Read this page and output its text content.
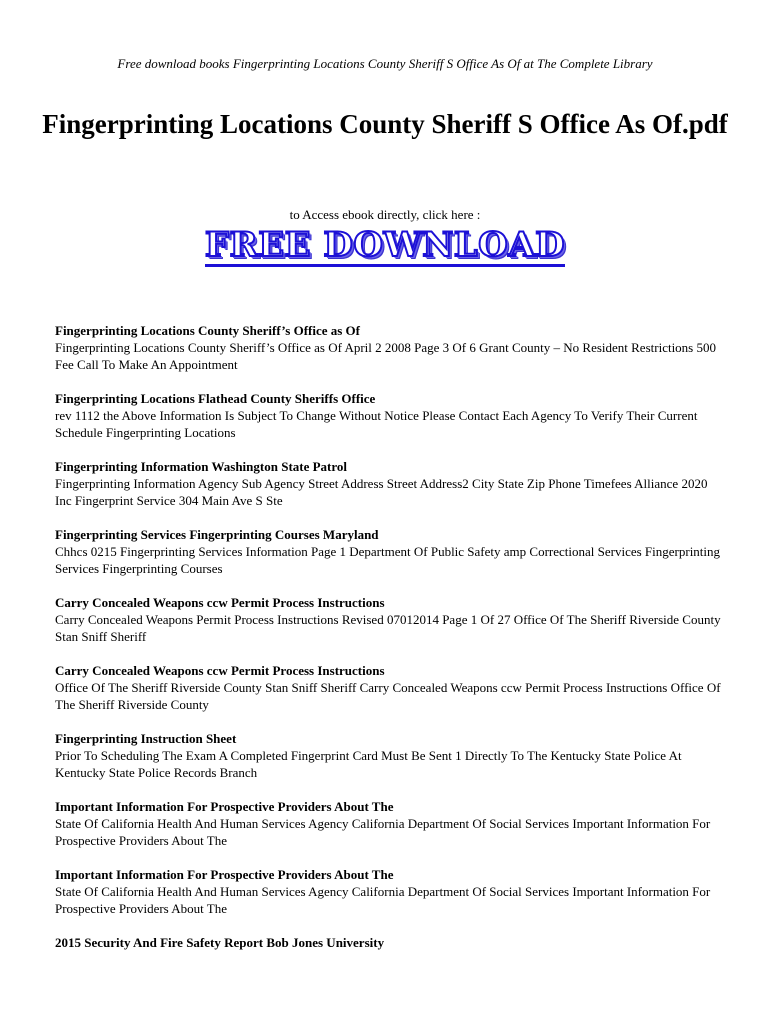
Free download books Fingerprinting Locations County Sheriff S Office As Of at The Complete Library
Fingerprinting Locations County Sheriff S Office As Of.pdf
to Access ebook directly, click here :
FREE DOWNLOAD
Fingerprinting Locations County Sheriff’s Office as Of
Fingerprinting Locations County Sheriff’s Office as Of April 2 2008 Page 3 Of 6 Grant County – No Resident Restrictions 500 Fee Call To Make An Appointment
Fingerprinting Locations Flathead County Sheriffs Office
rev 1112 the Above Information Is Subject To Change Without Notice Please Contact Each Agency To Verify Their Current Schedule Fingerprinting Locations
Fingerprinting Information Washington State Patrol
Fingerprinting Information Agency Sub Agency Street Address Street Address2 City State Zip Phone Timefees Alliance 2020 Inc Fingerprint Service 304 Main Ave S Ste
Fingerprinting Services Fingerprinting Courses Maryland
Chhcs 0215 Fingerprinting Services Information Page 1 Department Of Public Safety amp Correctional Services Fingerprinting Services Fingerprinting Courses
Carry Concealed Weapons ccw Permit Process Instructions
Carry Concealed Weapons Permit Process Instructions Revised 07012014 Page 1 Of 27 Office Of The Sheriff Riverside County Stan Sniff Sheriff
Carry Concealed Weapons ccw Permit Process Instructions
Office Of The Sheriff Riverside County Stan Sniff Sheriff Carry Concealed Weapons ccw Permit Process Instructions Office Of The Sheriff Riverside County
Fingerprinting Instruction Sheet
Prior To Scheduling The Exam A Completed Fingerprint Card Must Be Sent 1 Directly To The Kentucky State Police At Kentucky State Police Records Branch
Important Information For Prospective Providers About The
State Of California Health And Human Services Agency California Department Of Social Services Important Information For Prospective Providers About The
Important Information For Prospective Providers About The
State Of California Health And Human Services Agency California Department Of Social Services Important Information For Prospective Providers About The
2015 Security And Fire Safety Report Bob Jones University
